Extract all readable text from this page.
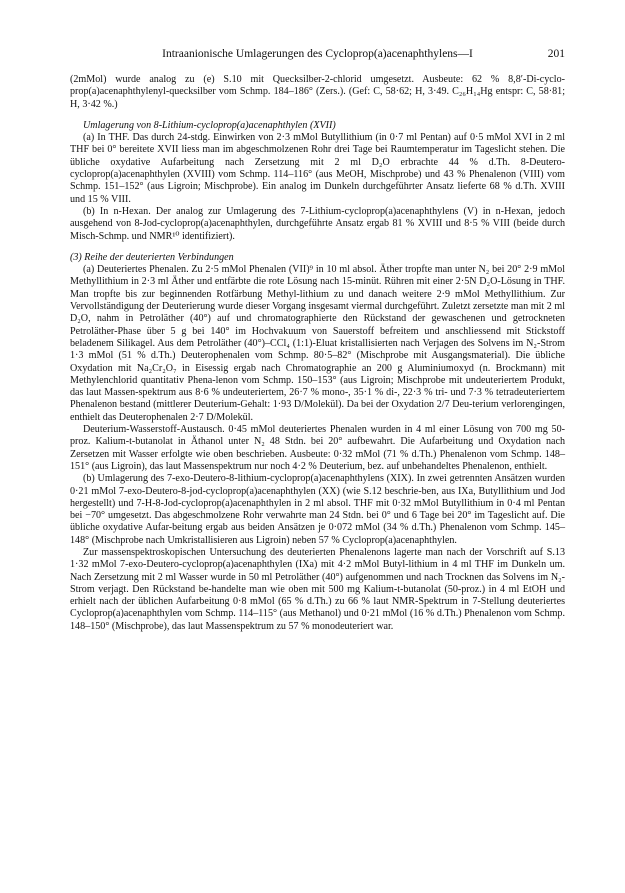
Intraanionische Umlagerungen des Cycloprop(a)acenaphthylens—I	201

(2mMol) wurde analog zu (e) S.10 mit Quecksilber-2-chlorid umgesetzt. Ausbeute: 62 % 8,8′-Di-cyclo-prop(a)acenaphthylenyl-quecksilber vom Schmp. 184–186° (Zers.). (Gef: C, 58·62; H, 3·49. C₂₆H₁₄Hg entspr: C, 58·81; H, 3·42 %.)

Umlagerung von 8-Lithium-cycloprop(a)acenaphthylen (XVII)

(a) In THF. Das durch 24-stdg. Einwirken von 2·3 mMol Butyllithium (in 0·7 ml Pentan) auf 0·5 mMol XVI in 2 ml THF bei 0° bereitete XVII liess man im abgeschmolzenen Rohr drei Tage bei Raumtemperatur im Tageslicht stehen. Die übliche oxydative Aufarbeitung nach Zersetzung mit 2 ml D₂O erbrachte 44 % d.Th. 8-Deutero-cycloprop(a)acenaphthylen (XVIII) vom Schmp. 114–116° (aus MeOH, Mischprobe) und 43 % Phenalenon (VIII) vom Schmp. 151–152° (aus Ligroin; Mischprobe). Ein analog im Dunkeln durchgeführter Ansatz lieferte 68 % d.Th. XVIII und 15 % VIII.

(b) In n-Hexan. Der analog zur Umlagerung des 7-Lithium-cycloprop(a)acenaphthylens (V) in n-Hexan, jedoch ausgehend von 8-Jod-cycloprop(a)acenaphthylen, durchgeführte Ansatz ergab 81 % XVIII und 8·5 % VIII (beide durch Misch-Schmp. und NMR¹⁰ identifiziert).

(3) Reihe der deuterierten Verbindungen

(a) Deuteriertes Phenalen. Zu 2·5 mMol Phenalen (VII)⁹ in 10 ml absol. Äther tropfte man unter N₂ bei 20° 2·9 mMol Methyllithium in 2·3 ml Äther und entfärbte die rote Lösung nach 15-minüt. Rühren mit einer 2·5N D₂O-Lösung in THF. Man tropfte bis zur beginnenden Rotfärbung Methyl-lithium zu und danach weitere 2·9 mMol Methyllithium. Zur Vervollständigung der Deuterierung wurde dieser Vorgang insgesamt viermal durchgeführt. Zuletzt zersetzte man mit 2 ml D₂O, nahm in Petroläther (40°) auf und chromatographierte den Rückstand der gewaschenen und getrockneten Petroläther-Phase über 5 g bei 140° im Hochvakuum von Sauerstoff befreitem und anschliessend mit Stickstoff beladenem Silikagel. Aus dem Petroläther (40°)–CCl₄ (1:1)-Eluat kristallisierten nach Verjagen des Solvens im N₂-Strom 1·3 mMol (51 % d.Th.) Deuterophenalen vom Schmp. 80·5–82° (Mischprobe mit Ausgangsmaterial). Die übliche Oxydation mit Na₂Cr₂O₇ in Eisessig ergab nach Chromatographie an 200 g Aluminiumoxyd (n. Brockmann) mit Methylenchlorid quantitativ Phena-lenon vom Schmp. 150–153° (aus Ligroin; Mischprobe mit undeuteriertem Produkt, das laut Massen-spektrum aus 8·6 % undeuteriertem, 26·7 % mono-, 35·1 % di-, 22·3 % tri- und 7·3 % tetradeuteriertem Phenalenon bestand (mittlerer Deuterium-Gehalt: 1·93 D/Molekül). Da bei der Oxydation 2/7 Deu-terium verlorengingen, enthielt das Deuterophenalen 2·7 D/Molekül.

Deuterium-Wasserstoff-Austausch. 0·45 mMol deuteriertes Phenalen wurden in 4 ml einer Lösung von 700 mg 50-proz. Kalium-t-butanolat in Äthanol unter N₂ 48 Stdn. bei 20° aufbewahrt. Die Aufarbeitung und Oxydation nach Zersetzen mit Wasser erfolgte wie oben beschrieben. Ausbeute: 0·32 mMol (71 % d.Th.) Phenalenon vom Schmp. 148–151° (aus Ligroin), das laut Massenspektrum nur noch 4·2 % Deuterium, bez. auf unbehandeltes Phenalenon, enthielt.

(b) Umlagerung des 7-exo-Deutero-8-lithium-cycloprop(a)acenaphthylens (XIX). In zwei getrennten Ansätzen wurden 0·21 mMol 7-exo-Deutero-8-jod-cycloprop(a)acenaphthylen (XX) (wie S.12 beschrie-ben, aus IXa, Butyllithium und Jod hergestellt) und 7-H-8-Jod-cycloprop(a)acenaphthylen in 2 ml absol. THF mit 0·32 mMol Butyllithium in 0·4 ml Pentan bei −70° umgesetzt. Das abgeschmolzene Rohr verwahrte man 24 Stdn. bei 0° und 6 Tage bei 20° im Tageslicht auf. Die übliche oxydative Aufar-beitung ergab aus beiden Ansätzen je 0·072 mMol (34 % d.Th.) Phenalenon vom Schmp. 145–148° (Mischprobe nach Umkristallisieren aus Ligroin) neben 57 % Cycloprop(a)acenaphthylen.

Zur massenspektroskopischen Untersuchung des deuterierten Phenalenons lagerte man nach der Vorschrift auf S.13 1·32 mMol 7-exo-Deutero-cycloprop(a)acenaphthylen (IXa) mit 4·2 mMol Butyl-lithium in 4 ml THF im Dunkeln um. Nach Zersetzung mit 2 ml Wasser wurde in 50 ml Petroläther (40°) aufgenommen und nach Trocknen das Solvens im N₂-Strom verjagt. Den Rückstand be-handelte man wie oben mit 500 mg Kalium-t-butanolat (50-proz.) in 4 ml EtOH und erhielt nach der üblichen Aufarbeitung 0·8 mMol (65 % d.Th.) zu 66 % laut NMR-Spektrum in 7-Stellung deuteriertes Cycloprop(a)acenaphthylen vom Schmp. 114–115° (aus Methanol) und 0·21 mMol (16 % d.Th.) Phenalenon vom Schmp. 148–150° (Mischprobe), das laut Massenspektrum zu 57 % monodeuteriert war.
